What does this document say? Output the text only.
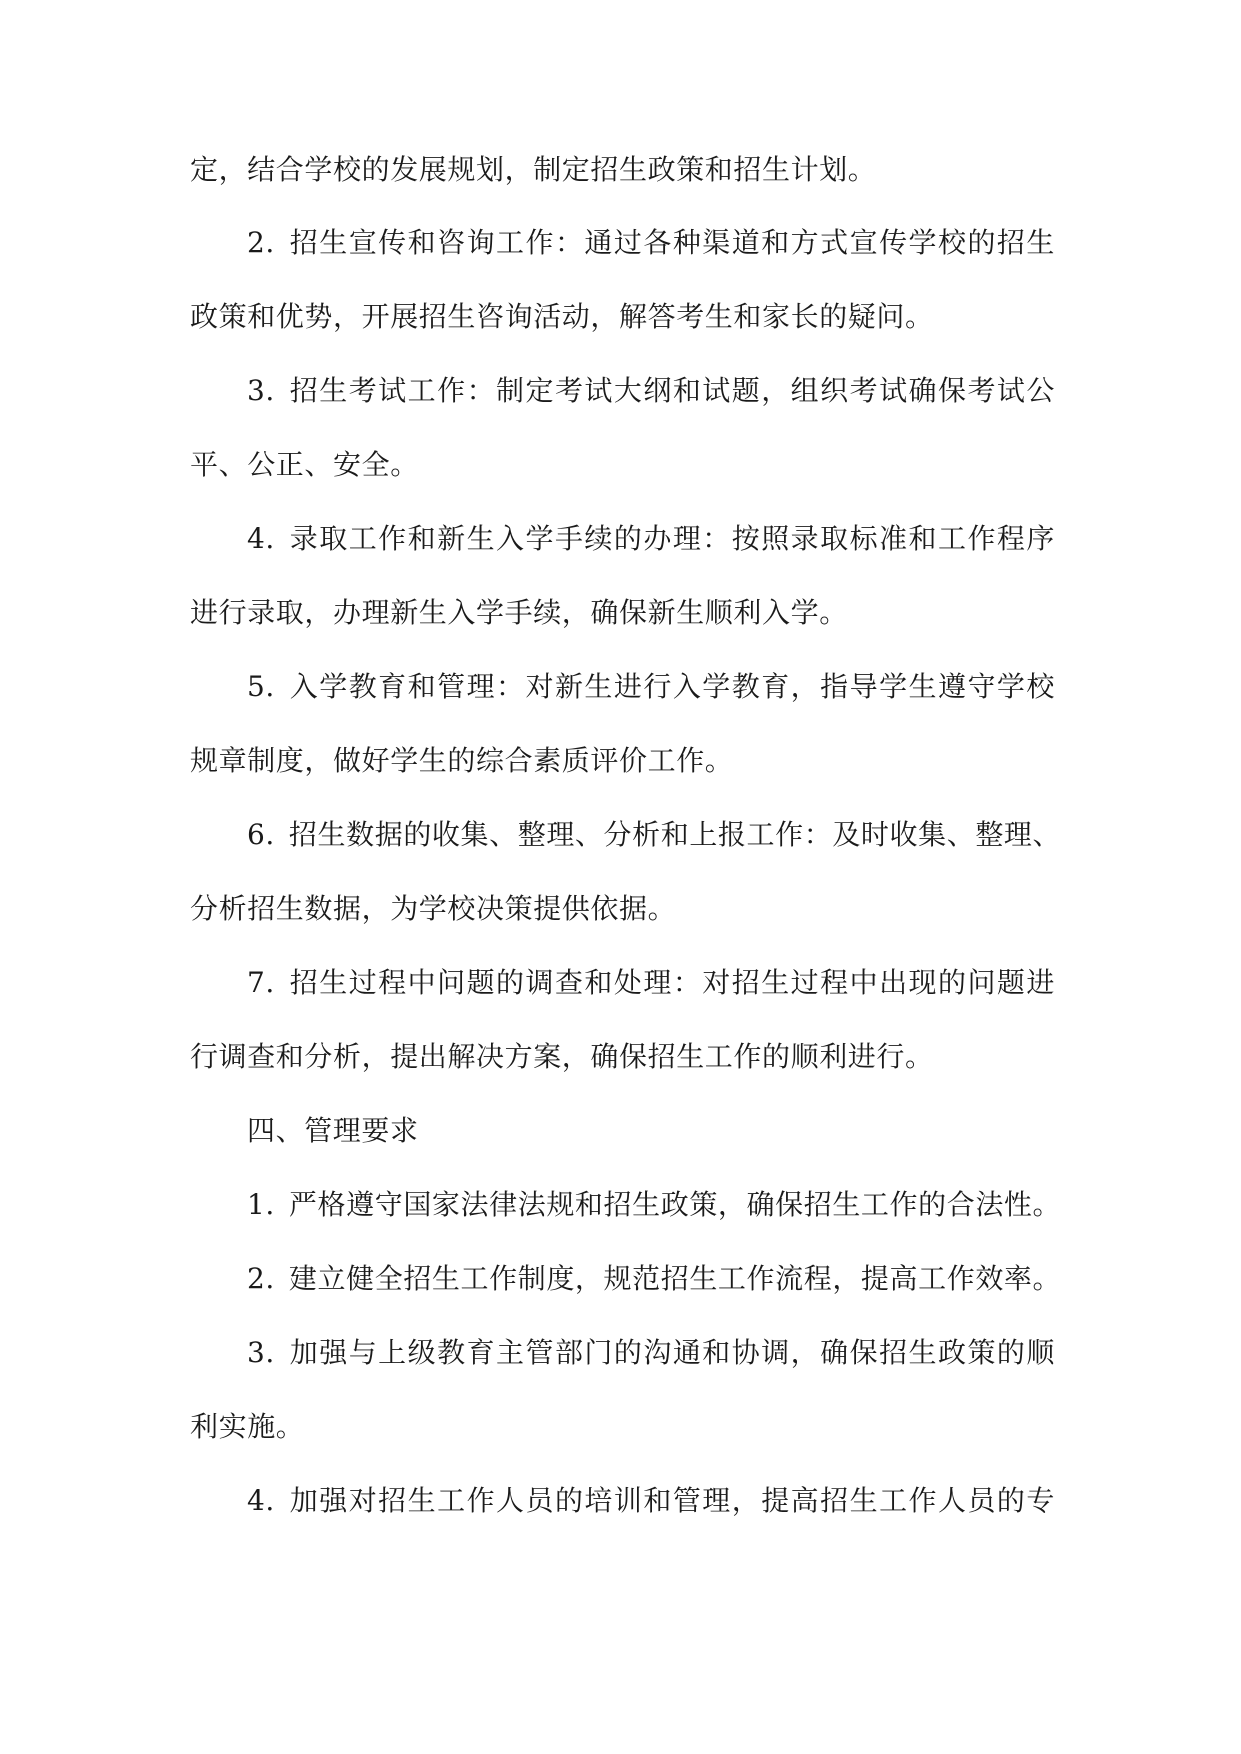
定，结合学校的发展规划，制定招生政策和招生计划。
2. 招生宣传和咨询工作：通过各种渠道和方式宣传学校的招生
政策和优势，开展招生咨询活动，解答考生和家长的疑问。
3. 招生考试工作：制定考试大纲和试题，组织考试确保考试公
平、公正、安全。
4. 录取工作和新生入学手续的办理：按照录取标准和工作程序
进行录取，办理新生入学手续，确保新生顺利入学。
5. 入学教育和管理：对新生进行入学教育，指导学生遵守学校
规章制度，做好学生的综合素质评价工作。
6. 招生数据的收集、整理、分析和上报工作：及时收集、整理、
分析招生数据，为学校决策提供依据。
7. 招生过程中问题的调查和处理：对招生过程中出现的问题进
行调查和分析，提出解决方案，确保招生工作的顺利进行。
四、管理要求
1. 严格遵守国家法律法规和招生政策，确保招生工作的合法性。
2. 建立健全招生工作制度，规范招生工作流程，提高工作效率。
3. 加强与上级教育主管部门的沟通和协调，确保招生政策的顺
利实施。
4. 加强对招生工作人员的培训和管理，提高招生工作人员的专
